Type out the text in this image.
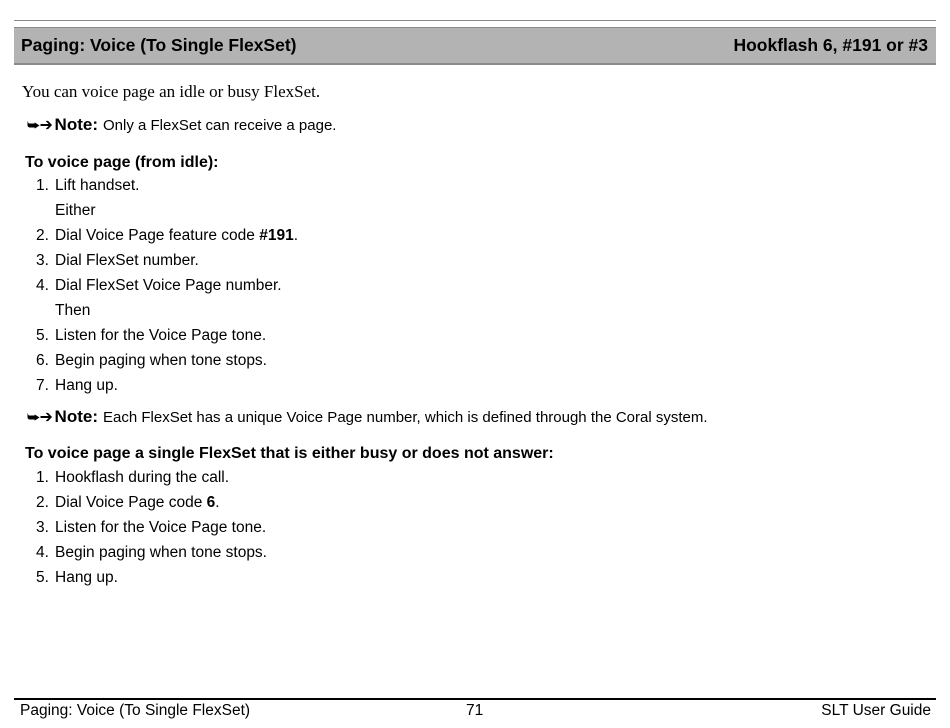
Paging: Voice (To Single FlexSet)	Hookflash 6, #191 or #3
You can voice page an idle or busy FlexSet.
⮩➔ Note: Only a FlexSet can receive a page.
To voice page (from idle):
1. Lift handset.
Either
2. Dial Voice Page feature code #191.
3. Dial FlexSet number.
4. Dial FlexSet Voice Page number.
Then
5. Listen for the Voice Page tone.
6. Begin paging when tone stops.
7. Hang up.
⮩➔ Note: Each FlexSet has a unique Voice Page number, which is defined through the Coral system.
To voice page a single FlexSet that is either busy or does not answer:
1. Hookflash during the call.
2. Dial Voice Page code 6.
3. Listen for the Voice Page tone.
4. Begin paging when tone stops.
5. Hang up.
Paging: Voice (To Single FlexSet)	71	SLT User Guide
